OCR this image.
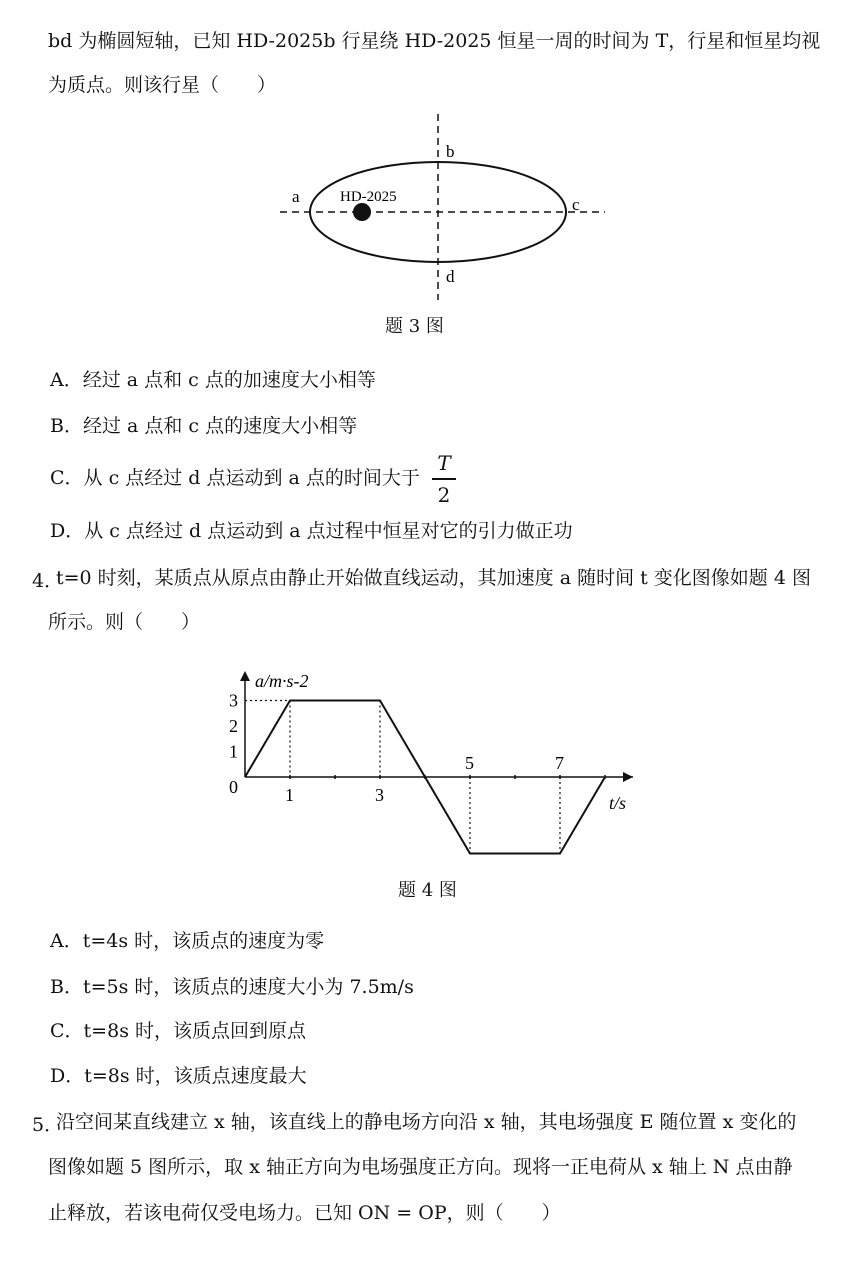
bd 为椭圆短轴，已知 HD-2025b 行星绕 HD-2025 恒星一周的时间为 T，行星和恒星均视
为质点。则该行星（　　）
a
b
c
d
HD-2025
题 3 图
A．经过 a 点和 c 点的加速度大小相等
B．经过 a 点和 c 点的速度大小相等
C．从 c 点经过 d 点运动到 a 点的时间大于
T
2
D．从 c 点经过 d 点运动到 a 点过程中恒星对它的引力做正功
4．
t=0 时刻，某质点从原点由静止开始做直线运动，其加速度 a 随时间 t 变化图像如题 4 图
所示。则（　　）
a/m·s-2
t/s
0
1
2
3
1	3
5	7
题 4 图
A．t=4s 时，该质点的速度为零
B．t=5s 时，该质点的速度大小为 7.5m/s
C．t=8s 时，该质点回到原点
D．t=8s 时，该质点速度最大
5．
沿空间某直线建立 x 轴，该直线上的静电场方向沿 x 轴，其电场强度 E 随位置 x 变化的
图像如题 5 图所示，取 x 轴正方向为电场强度正方向。现将一正电荷从 x 轴上 N 点由静
止释放，若该电荷仅受电场力。已知 ON = OP，则（　　）
